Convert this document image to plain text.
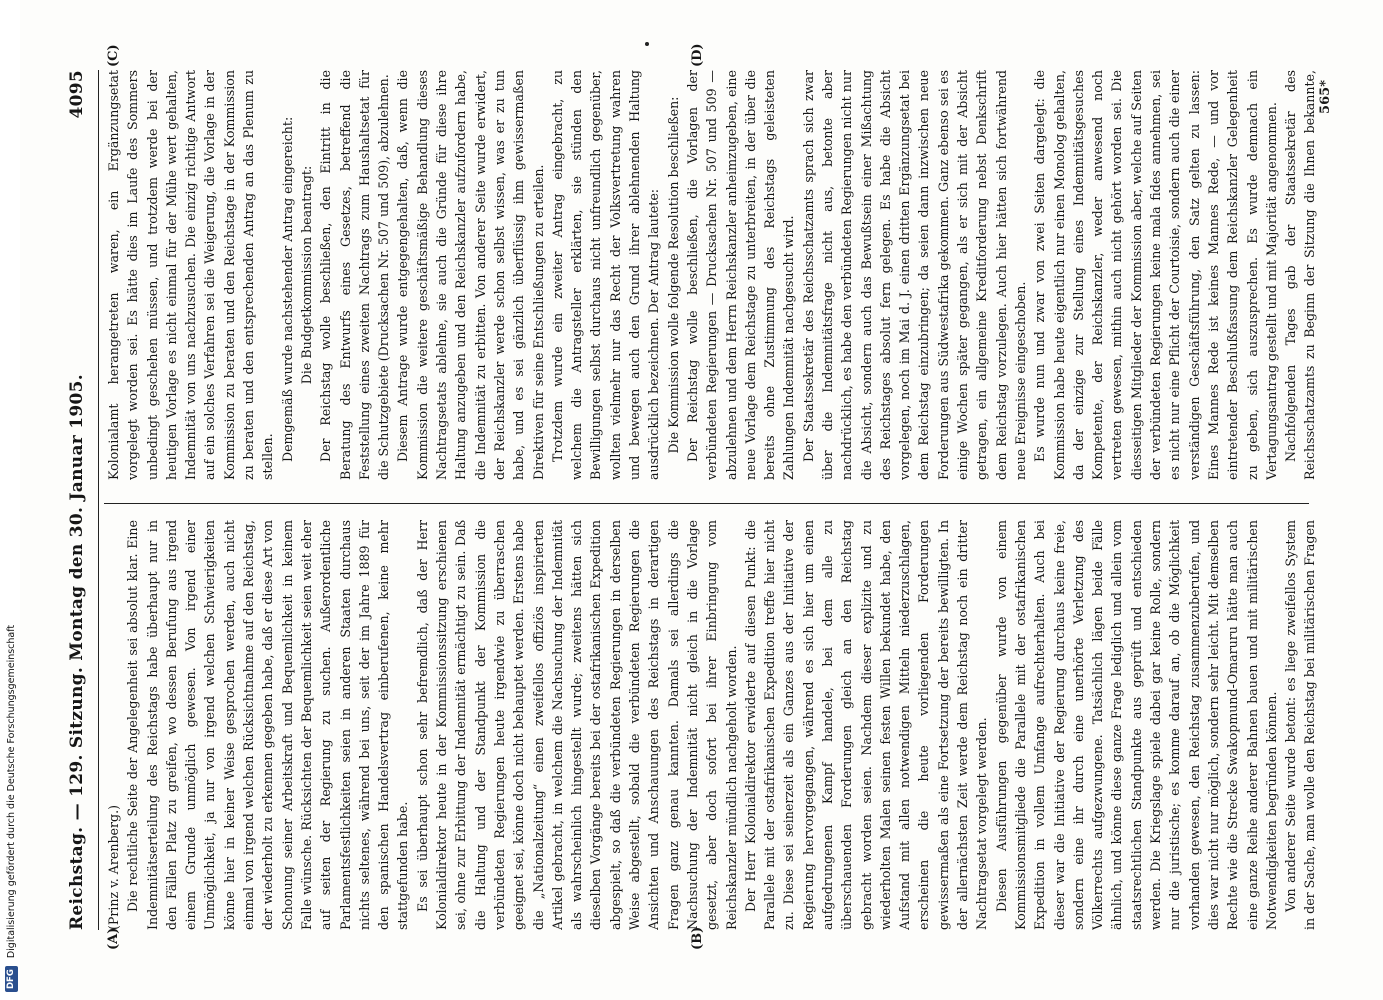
Reichstag. — 129. Sitzung. Montag den 30. Januar 1905.
4095
(A)	(B)
(C)	(D)

(Prinz v. Arenberg.) Die rechtliche Seite der Angelegenheit sei absolut klar. Eine Indemnitätserteilung des Reichstags habe überhaupt nur in den Fällen Platz zu greifen, wo dessen Berufung aus irgend einem Grunde unmöglich gewesen. Von irgend einer Unmöglichkeit, ja nur von irgend welchen Schwierigkeiten könne hier in keiner Weise gesprochen werden, auch nicht einmal von irgend welchen Rücksichtnahme auf den Reichstag, der wiederholt zu erkennen gegeben habe, daß er diese Art von Schonung seiner Arbeitskraft und Bequemlichkeit in keinem Falle wünsche. Rücksichten der Bequemlichkeit seien weit eher auf seiten der Regierung zu suchen. Außerordentliche Parlamentsfestlichkeiten seien in anderen Staaten durchaus nichts seltenes, während bei uns, seit der im Jahre 1889 für den spanischen Handelsvertrag einberufenen, keine mehr stattgefunden habe. Es sei überhaupt schon sehr befremdlich, daß der Herr Kolonialdirektor heute in der Kommissionssitzung erschienen sei, ohne zur Erbittung der Indemnität ermächtigt zu sein. Daß die Haltung und der Standpunkt der Kommission die verbündeten Regierungen heute irgendwie zu überraschen geeignet sei, könne doch nicht behauptet werden. Erstens habe die „Nationalzeitung“ einen zweifellos offiziös inspirierten Artikel gebracht, in welchem die Nachsuchung der Indemnität als wahrscheinlich hingestellt wurde; zweitens hätten sich dieselben Vorgänge bereits bei der ostafrikanischen Expedition abgespielt, so daß die verbündeten Regierungen in derselben Weise abgestellt, sobald die verbündeten Regierungen die Ansichten und Anschauungen des Reichstags in derartigen Fragen ganz genau kannten. Damals sei allerdings die Nachsuchung der Indemnität nicht gleich in die Vorlage gesetzt, aber doch sofort bei ihrer Einbringung vom Reichskanzler mündlich nachgeholt worden. Der Herr Kolonialdirektor erwiderte auf diesen Punkt: die Parallele mit der ostafrikanischen Expedition treffe hier nicht zu. Diese sei seinerzeit als ein Ganzes aus der Initiative der Regierung hervorgegangen, während es sich hier um einen aufgedrungenen Kampf handele, bei dem alle zu überschauenden Forderungen gleich an den Reichstag gebracht worden seien. Nachdem dieser explizite und zu wiederholten Malen seinen festen Willen bekundet habe, den Aufstand mit allen notwendigen Mitteln niederzuschlagen, erscheinen die heute vorliegenden Forderungen gewissermaßen als eine Fortsetzung der bereits bewilligten. In der allernächsten Zeit werde dem Reichstag noch ein dritter Nachtragsetat vorgelegt werden. Diesen Ausführungen gegenüber wurde von einem Kommissionsmitgliede die Parallele mit der ostafrikanischen Expedition in vollem Umfange aufrechterhalten. Auch bei dieser war die Initiative der Regierung durchaus keine freie, sondern eine ihr durch eine unerhörte Verletzung des Völkerrechts aufgezwungene. Tatsächlich lägen beide Fälle ähnlich, und könne diese ganze Frage lediglich und allein vom staatsrechtlichen Standpunkte aus geprüft und entschieden werden. Die Kriegslage spiele dabei gar keine Rolle, sondern nur die juristische; es komme darauf an, ob die Möglichkeit vorhanden gewesen, den Reichstag zusammenzuberufen, und dies war nicht nur möglich, sondern sehr leicht. Mit demselben Rechte wie die Strecke Swakopmund-Omaruru hätte man auch eine ganze Reihe anderer Bahnen bauen und mit militärischen Notwendigkeiten begründen können. Von anderer Seite wurde betont: es liege zweifellos System in der Sache, man wolle den Reichstag bei militärischen Fragen

Kolonialamt herangetreten waren, ein Ergänzungsetat vorgelegt worden sei. Es hätte dies im Laufe des Sommers unbedingt geschehen müssen, und trotzdem werde bei der heutigen Vorlage es nicht einmal für der Mühe wert gehalten, Indemnität von uns nachzusuchen. Die einzig richtige Antwort auf ein solches Verfahren sei die Weigerung, die Vorlage in der Kommission zu beraten und den Reichstage in der Kommission zu beraten und den entsprechenden Antrag an das Plenum zu stellen. Demgemäß wurde nachstehender Antrag eingereicht: Die Budgetkommission beantragt: Der Reichstag wolle beschließen, den Eintritt in die Beratung des Entwurfs eines Gesetzes, betreffend die Feststellung eines zweiten Nachtrags zum Haushaltsetat für die Schutzgebiete (Drucksachen Nr. 507 und 509), abzulehnen. Diesem Antrage wurde entgegengehalten, daß, wenn die Kommission die weitere geschäftsmäßige Behandlung dieses Nachtragsetats ablehne, sie auch die Gründe für diese ihre Haltung anzugeben und den Reichskanzler aufzufordern habe, die Indemnität zu erbitten. Von anderer Seite wurde erwidert, der Reichskanzler werde schon selbst wissen, was er zu tun habe, und es sei gänzlich überflüssig ihm gewissermaßen Direktiven für seine Entschließungen zu erteilen. Trotzdem wurde ein zweiter Antrag eingebracht, zu welchem die Antragsteller erklärten, sie stünden den Bewilligungen selbst durchaus nicht unfreundlich gegenüber, wollten vielmehr nur das Recht der Volksvertretung wahren und bewegen auch den Grund ihrer ablehnenden Haltung ausdrücklich bezeichnen. Der Antrag lautete: Die Kommission wolle folgende Resolution beschließen: Der Reichstag wolle beschließen, die Vorlagen der verbündeten Regierungen — Drucksachen Nr. 507 und 509 — abzulehnen und dem Herrn Reichskanzler anheimzugeben, eine neue Vorlage dem Reichstage zu unterbreiten, in der über die bereits ohne Zustimmung des Reichstags geleisteten Zahlungen Indemnität nachgesucht wird. Der Staatssekretär des Reichsschatzamts sprach sich zwar über die Indemnitätsfrage nicht aus, betonte aber nachdrücklich, es habe den verbündeten Regierungen nicht nur die Absicht, sondern auch das Bewußtsein einer Mißachtung des Reichstages absolut fern gelegen. Es habe die Absicht vorgelegen, noch im Mai d. J. einen dritten Ergänzungsetat bei dem Reichstag einzubringen; da seien dann inzwischen neue Forderungen aus Südwestafrika gekommen. Ganz ebenso sei es einige Wochen später gegangen, als er sich mit der Absicht getragen, ein allgemeine Kreditforderung nebst Denkschrift dem Reichstag vorzulegen. Auch hier hätten sich fortwährend neue Ereignisse eingeschoben. Es wurde nun und zwar von zwei Seiten dargelegt: die Kommission habe heute eigentlich nur einen Monolog gehalten, da der einzige zur Stellung eines Indemnitätsgesuches Kompetente, der Reichskanzler, weder anwesend noch vertreten gewesen, mithin auch nicht gehört worden sei. Die diesseitigen Mitglieder der Kommission aber, welche auf Seiten der verbündeten Regierungen keine mala fides annehmen, sei es nicht nur eine Pflicht der Courtoisie, sondern auch die einer verständigen Geschäftsführung, den Satz gelten zu lassen: Eines Mannes Rede ist keines Mannes Rede, — und vor eintretender Beschlußfassung dem Reichskanzler Gelegenheit zu geben, sich auszusprechen. Es wurde demnach ein Vertagungsantrag gestellt und mit Majorität angenommen. Nachfolgenden Tages gab der Staatssekretär des Reichsschatzamts zu Beginn der Sitzung die Ihnen bekannte, 565*
DFG
Digitalisierung gefördert durch die Deutsche Forschungsgemeinschaft
